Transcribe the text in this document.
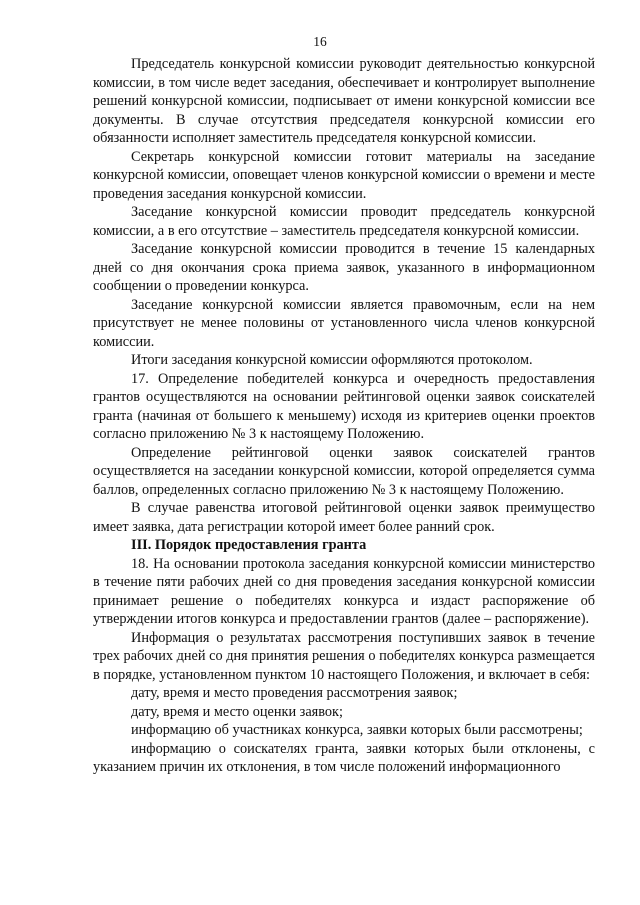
16

Председатель конкурсной комиссии руководит деятельностью конкурсной комиссии, в том числе ведет заседания, обеспечивает и контролирует выполнение решений конкурсной комиссии, подписывает от имени конкурсной комиссии все документы. В случае отсутствия председателя конкурсной комиссии его обязанности исполняет заместитель председателя конкурсной комиссии.

Секретарь конкурсной комиссии готовит материалы на заседание конкурсной комиссии, оповещает членов конкурсной комиссии о времени и месте проведения заседания конкурсной комиссии.

Заседание конкурсной комиссии проводит председатель конкурсной комиссии, а в его отсутствие – заместитель председателя конкурсной комиссии.

Заседание конкурсной комиссии проводится в течение 15 календарных дней со дня окончания срока приема заявок, указанного в информационном сообщении о проведении конкурса.

Заседание конкурсной комиссии является правомочным, если на нем присутствует не менее половины от установленного числа членов конкурсной комиссии.

Итоги заседания конкурсной комиссии оформляются протоколом.

17. Определение победителей конкурса и очередность предоставления грантов осуществляются на основании рейтинговой оценки заявок соискателей гранта (начиная от большего к меньшему) исходя из критериев оценки проектов согласно приложению № 3 к настоящему Положению.

Определение рейтинговой оценки заявок соискателей грантов осуществляется на заседании конкурсной комиссии, которой определяется сумма баллов, определенных согласно приложению № 3 к настоящему Положению.

В случае равенства итоговой рейтинговой оценки заявок преимущество имеет заявка, дата регистрации которой имеет более ранний срок.

III. Порядок предоставления гранта

18. На основании протокола заседания конкурсной комиссии министерство в течение пяти рабочих дней со дня проведения заседания конкурсной комиссии принимает решение о победителях конкурса и издаст распоряжение об утверждении итогов конкурса и предоставлении грантов (далее – распоряжение).

Информация о результатах рассмотрения поступивших заявок в течение трех рабочих дней со дня принятия решения о победителях конкурса размещается в порядке, установленном пунктом 10 настоящего Положения, и включает в себя:

дату, время и место проведения рассмотрения заявок;

дату, время и место оценки заявок;

информацию об участниках конкурса, заявки которых были рассмотрены;

информацию о соискателях гранта, заявки которых были отклонены, с указанием причин их отклонения, в том числе положений информационного
